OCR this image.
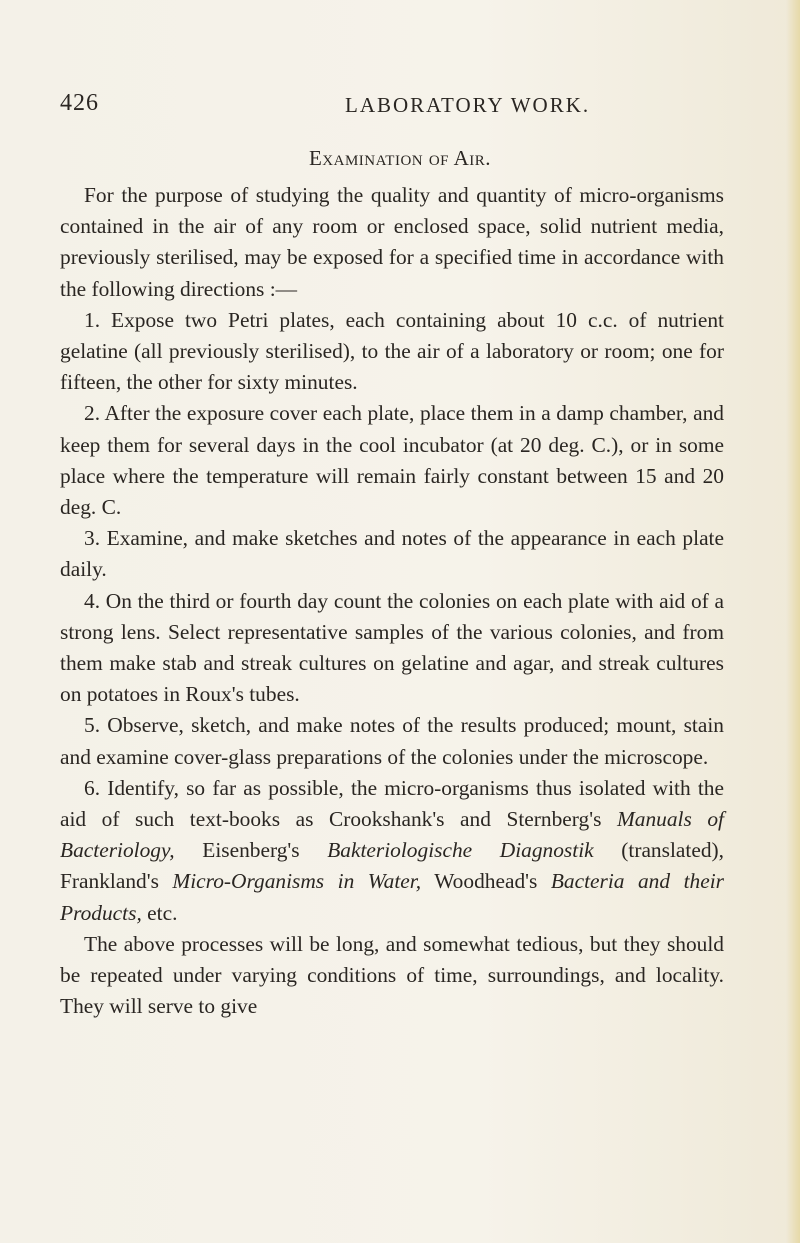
426	LABORATORY WORK.
Examination of Air.

For the purpose of studying the quality and quantity of micro-organisms contained in the air of any room or enclosed space, solid nutrient media, previously sterilised, may be exposed for a specified time in accordance with the following directions :—

1. Expose two Petri plates, each containing about 10 c.c. of nutrient gelatine (all previously sterilised), to the air of a laboratory or room; one for fifteen, the other for sixty minutes.

2. After the exposure cover each plate, place them in a damp chamber, and keep them for several days in the cool incubator (at 20 deg. C.), or in some place where the temperature will remain fairly constant between 15 and 20 deg. C.

3. Examine, and make sketches and notes of the appearance in each plate daily.

4. On the third or fourth day count the colonies on each plate with aid of a strong lens. Select representative samples of the various colonies, and from them make stab and streak cultures on gelatine and agar, and streak cultures on potatoes in Roux's tubes.

5. Observe, sketch, and make notes of the results produced; mount, stain and examine cover-glass preparations of the colonies under the microscope.

6. Identify, so far as possible, the micro-organisms thus isolated with the aid of such text-books as Crookshank's and Sternberg's Manuals of Bacteriology, Eisenberg's Bakteriologische Diagnostik (translated), Frankland's Micro-Organisms in Water, Woodhead's Bacteria and their Products, etc.

The above processes will be long, and somewhat tedious, but they should be repeated under varying conditions of time, surroundings, and locality. They will serve to give
